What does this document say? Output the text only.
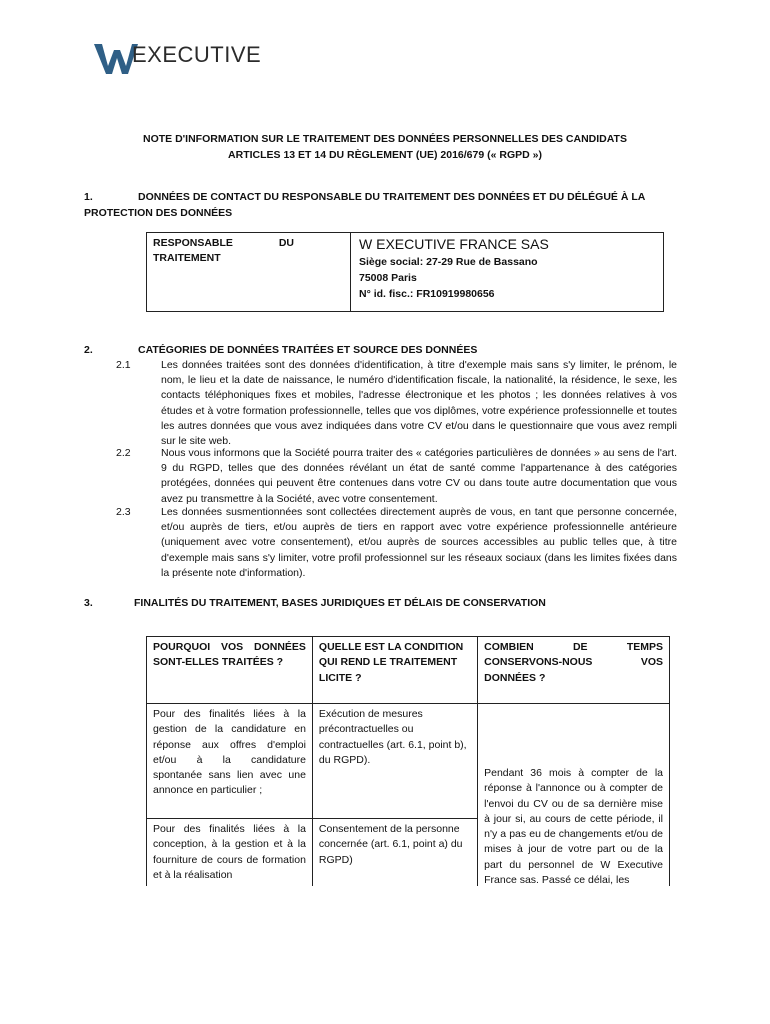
EXECUTIVE
NOTE D'INFORMATION SUR LE TRAITEMENT DES DONNÉES PERSONNELLES DES CANDIDATS
ARTICLES 13 ET 14 DU RÈGLEMENT (UE) 2016/679 (« RGPD »)
1.	DONNÉES DE CONTACT DU RESPONSABLE DU TRAITEMENT DES DONNÉES ET DU DÉLÉGUÉ À LA
PROTECTION DES DONNÉES
RESPONSABLE	DU

TRAITEMENT
W EXECUTIVE FRANCE SAS
Siège social: 27-29 Rue de Bassano
75008 Paris
N° id. fisc.: FR10919980656
2.	CATÉGORIES DE DONNÉES TRAITÉES ET SOURCE DES DONNÉES
2.1	Les données traitées sont des données d'identification, à titre d'exemple mais sans s'y limiter, le prénom, le nom, le lieu et la date de naissance, le numéro d'identification fiscale, la nationalité, la résidence, le sexe, les contacts téléphoniques fixes et mobiles, l'adresse électronique et les photos ; les données relatives à vos études et à votre formation professionnelle, telles que vos diplômes, votre expérience professionnelle et toutes les autres données que vous avez indiquées dans votre CV et/ou dans le questionnaire que vous avez rempli sur le site web.
2.2	Nous vous informons que la Société pourra traiter des « catégories particulières de données » au sens de l'art. 9 du RGPD, telles que des données révélant un état de santé comme l'appartenance à des catégories protégées, données qui peuvent être contenues dans votre CV ou dans toute autre documentation que vous avez pu transmettre à la Société, avec votre consentement.
2.3	Les données susmentionnées sont collectées directement auprès de vous, en tant que personne concernée, et/ou auprès de tiers, et/ou auprès de tiers en rapport avec votre expérience professionnelle antérieure (uniquement avec votre consentement), et/ou auprès de sources accessibles au public telles que, à titre d'exemple mais sans s'y limiter, votre profil professionnel sur les réseaux sociaux (dans les limites fixées dans la présente note d'information).
3.	FINALITÉS DU TRAITEMENT, BASES JURIDIQUES ET DÉLAIS DE CONSERVATION
POURQUOI VOS DONNÉES SONT-ELLES TRAITÉES ?	QUELLE EST LA CONDITION QUI REND LE TRAITEMENT LICITE ?	COMBIEN DE TEMPS CONSERVONS-NOUS VOS DONNÉES ?
Pour des finalités liées à la gestion de la candidature en réponse aux offres d'emploi et/ou à la candidature spontanée sans lien avec une annonce en particulier ;	Exécution de mesures précontractuelles ou contractuelles (art. 6.1, point b), du RGPD).	Pendant 36 mois à compter de la réponse à l'annonce ou à compter de l'envoi du CV ou de sa dernière mise à jour si, au cours de cette période, il n'y a pas eu de changements et/ou de mises à jour de votre part ou de la part du personnel de W Executive France sas. Passé ce délai, les
Pour des finalités liées à la conception, à la gestion et à la fourniture de cours de formation et à la réalisation	Consentement de la personne concernée (art. 6.1, point a) du RGPD)	
